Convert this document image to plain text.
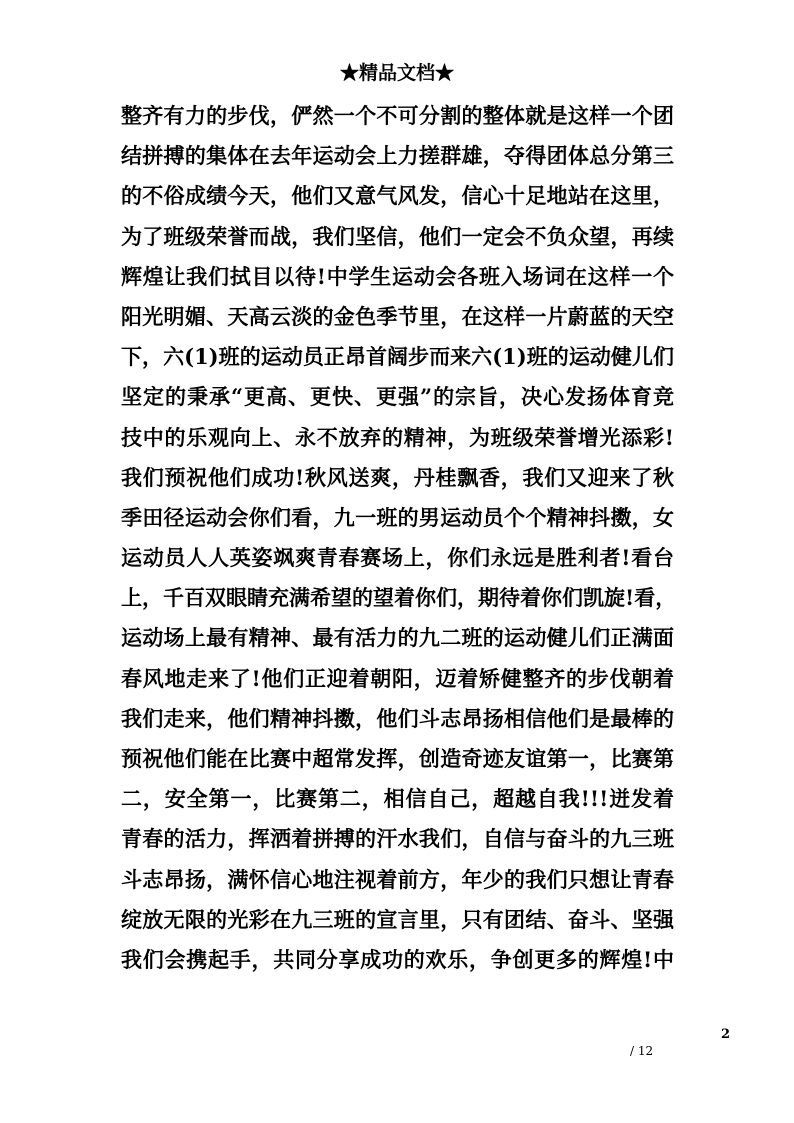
★精品文档★
整齐有力的步伐，俨然一个不可分割的整体就是这样一个团
结拼搏的集体在去年运动会上力搓群雄，夺得团体总分第三
的不俗成绩今天，他们又意气风发，信心十足地站在这里，
为了班级荣誉而战，我们坚信，他们一定会不负众望，再续
辉煌让我们拭目以待!中学生运动会各班入场词在这样一个
阳光明媚、天高云淡的金色季节里，在这样一片蔚蓝的天空
下，六(1)班的运动员正昂首阔步而来六(1)班的运动健儿们
坚定的秉承“更高、更快、更强”的宗旨，决心发扬体育竞
技中的乐观向上、永不放弃的精神，为班级荣誉增光添彩!
我们预祝他们成功!秋风送爽，丹桂飘香，我们又迎来了秋
季田径运动会你们看，九一班的男运动员个个精神抖擞，女
运动员人人英姿飒爽青春赛场上，你们永远是胜利者!看台
上，千百双眼睛充满希望的望着你们，期待着你们凯旋!看，
运动场上最有精神、最有活力的九二班的运动健儿们正满面
春风地走来了!他们正迎着朝阳，迈着矫健整齐的步伐朝着
我们走来，他们精神抖擞，他们斗志昂扬相信他们是最棒的
预祝他们能在比赛中超常发挥，创造奇迹友谊第一，比赛第
二，安全第一，比赛第二，相信自己，超越自我!!!迸发着
青春的活力，挥洒着拼搏的汗水我们，自信与奋斗的九三班
斗志昂扬，满怀信心地注视着前方，年少的我们只想让青春
绽放无限的光彩在九三班的宣言里，只有团结、奋斗、坚强
我们会携起手，共同分享成功的欢乐，争创更多的辉煌!中
2
/ 12
